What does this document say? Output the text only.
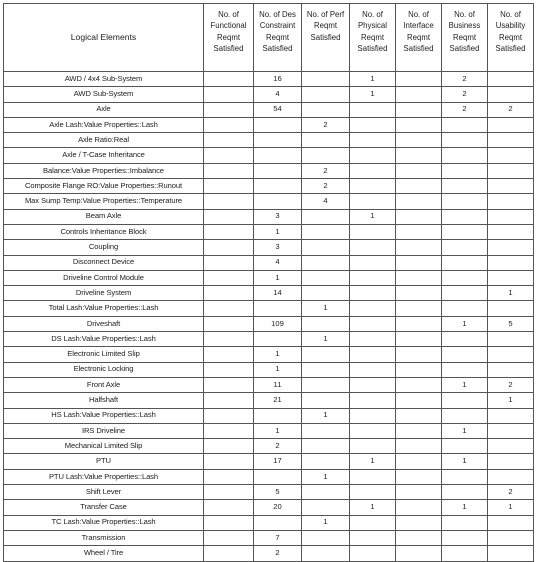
Logical Elements	No. of Functional Reqmt Satisfied	No. of Des Constraint Reqmt Satisfied	No. of Perf Reqmt Satisfied	No. of Physical Reqmt Satisfied	No. of Interface Reqmt Satisfied	No. of Business Reqmt Satisfied	No. of Usability Reqmt Satisfied
AWD / 4x4 Sub-System		16		1		2	
AWD Sub-System		4		1		2	
Axle		54				2	2
Axle Lash:Value Properties::Lash			2				
Axle Ratio:Real							
Axle / T-Case Inheritance							
Balance:Value Properties::Imbalance			2				
Composite Flange RO:Value Properties::Runout			2				
Max Sump Temp:Value Properties::Temperature			4				
Beam Axle		3		1			
Controls Inheritance Block		1					
Coupling		3					
Disconnect Device		4					
Driveline Control Module		1					
Driveline System		14					1
Total Lash:Value Properties::Lash			1				
Driveshaft		109				1	5
DS Lash:Value Properties::Lash			1				
Electronic Limited Slip		1					
Electronic Locking		1					
Front Axle		11				1	2
Halfshaft		21					1
HS Lash:Value Properties::Lash			1				
IRS Driveline		1				1	
Mechanical Limited Slip		2					
PTU		17		1		1	
PTU Lash:Value Properties::Lash			1				
Shift Lever		5					2
Transfer Case		20		1		1	1
TC Lash:Value Properties::Lash			1				
Transmission		7					
Wheel / Tire		2					
